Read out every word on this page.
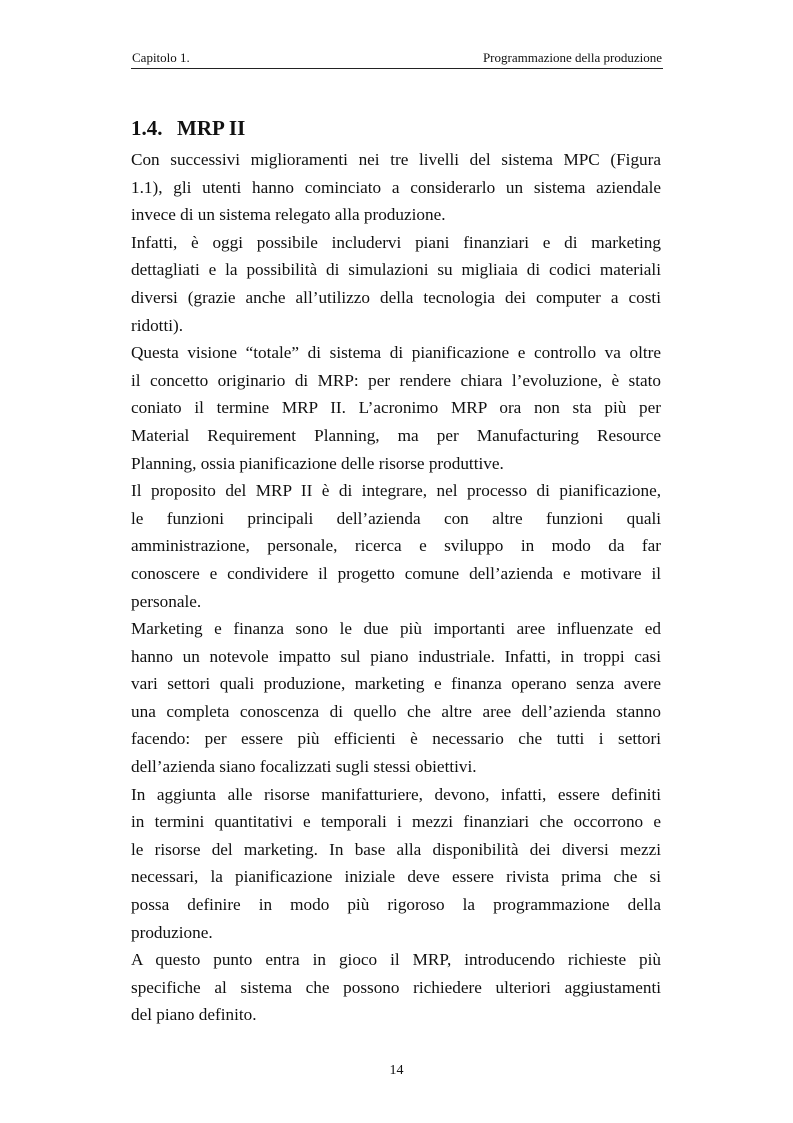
Capitolo 1.	Programmazione della produzione
1.4. MRP II
Con successivi miglioramenti nei tre livelli del sistema MPC (Figura
1.1), gli utenti hanno cominciato a considerarlo un sistema aziendale
invece di un sistema relegato alla produzione.
Infatti, è oggi possibile includervi piani finanziari e di marketing
dettagliati e la possibilità di simulazioni su migliaia di codici materiali
diversi (grazie anche all’utilizzo della tecnologia dei computer a costi
ridotti).
Questa visione “totale” di sistema di pianificazione e controllo va oltre
il concetto originario di MRP: per rendere chiara l’evoluzione, è stato
coniato il termine MRP II. L’acronimo MRP ora non sta più per
Material Requirement Planning, ma per Manufacturing Resource
Planning, ossia pianificazione delle risorse produttive.
Il proposito del MRP II è di integrare, nel processo di pianificazione,
le funzioni principali dell’azienda con altre funzioni quali
amministrazione, personale, ricerca e sviluppo in modo da far
conoscere e condividere il progetto comune dell’azienda e motivare il
personale.
Marketing e finanza sono le due più importanti aree influenzate ed
hanno un notevole impatto sul piano industriale. Infatti, in troppi casi
vari settori quali produzione, marketing e finanza operano senza avere
una completa conoscenza di quello che altre aree dell’azienda stanno
facendo: per essere più efficienti è necessario che tutti i settori
dell’azienda siano focalizzati sugli stessi obiettivi.
In aggiunta alle risorse manifatturiere, devono, infatti, essere definiti
in termini quantitativi e temporali i mezzi finanziari che occorrono e
le risorse del marketing. In base alla disponibilità dei diversi mezzi
necessari, la pianificazione iniziale deve essere rivista prima che si
possa definire in modo più rigoroso la programmazione della
produzione.
A questo punto entra in gioco il MRP, introducendo richieste più
specifiche al sistema che possono richiedere ulteriori aggiustamenti
del piano definito.
14
